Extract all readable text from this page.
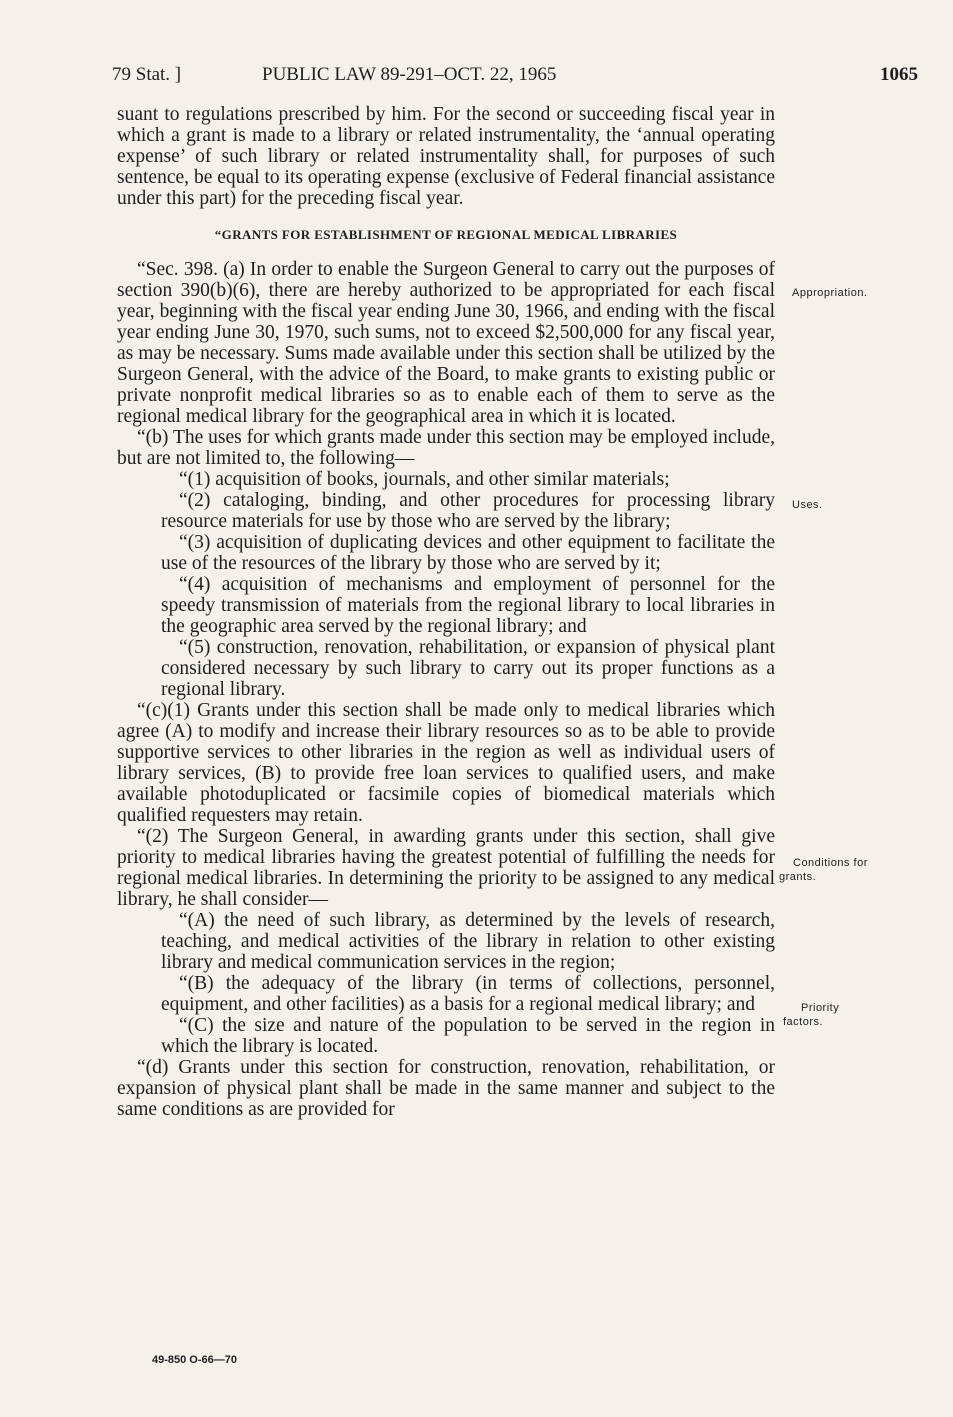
79 Stat. ]	PUBLIC LAW 89-291–OCT. 22, 1965	1065

suant to regulations prescribed by him. For the second or succeeding fiscal year in which a grant is made to a library or related instrumentality, the ‘annual operating expense’ of such library or related instrumentality shall, for purposes of such sentence, be equal to its operating expense (exclusive of Federal financial assistance under this part) for the preceding fiscal year.

“GRANTS FOR ESTABLISHMENT OF REGIONAL MEDICAL LIBRARIES

“Sec. 398. (a) In order to enable the Surgeon General to carry out the purposes of section 390(b)(6), there are hereby authorized to be appropriated for each fiscal year, beginning with the fiscal year ending June 30, 1966, and ending with the fiscal year ending June 30, 1970, such sums, not to exceed $2,500,000 for any fiscal year, as may be necessary. Sums made available under this section shall be utilized by the Surgeon General, with the advice of the Board, to make grants to existing public or private nonprofit medical libraries so as to enable each of them to serve as the regional medical library for the geographical area in which it is located.

“(b) The uses for which grants made under this section may be employed include, but are not limited to, the following—

“(1) acquisition of books, journals, and other similar materials;

“(2) cataloging, binding, and other procedures for processing library resource materials for use by those who are served by the library;

“(3) acquisition of duplicating devices and other equipment to facilitate the use of the resources of the library by those who are served by it;

“(4) acquisition of mechanisms and employment of personnel for the speedy transmission of materials from the regional library to local libraries in the geographic area served by the regional library; and

“(5) construction, renovation, rehabilitation, or expansion of physical plant considered necessary by such library to carry out its proper functions as a regional library.

“(c)(1) Grants under this section shall be made only to medical libraries which agree (A) to modify and increase their library resources so as to be able to provide supportive services to other libraries in the region as well as individual users of library services, (B) to provide free loan services to qualified users, and make available photoduplicated or facsimile copies of biomedical materials which qualified requesters may retain.

“(2) The Surgeon General, in awarding grants under this section, shall give priority to medical libraries having the greatest potential of fulfilling the needs for regional medical libraries. In determining the priority to be assigned to any medical library, he shall consider—

“(A) the need of such library, as determined by the levels of research, teaching, and medical activities of the library in relation to other existing library and medical communication services in the region;

“(B) the adequacy of the library (in terms of collections, personnel, equipment, and other facilities) as a basis for a regional medical library; and

“(C) the size and nature of the population to be served in the region in which the library is located.

“(d) Grants under this section for construction, renovation, rehabilitation, or expansion of physical plant shall be made in the same manner and subject to the same conditions as are provided for

Appropriation.
Uses.
Conditions for
grants.
Priority
factors.
49-850 O-66—70
